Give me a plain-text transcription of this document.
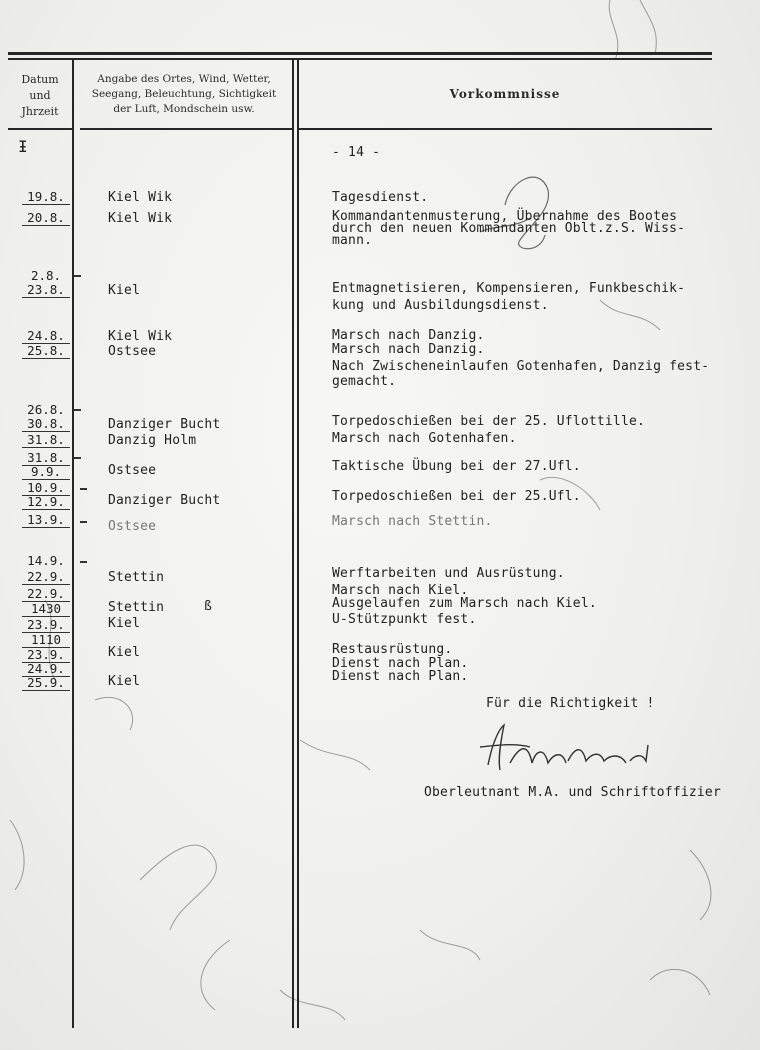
Datum
und
Jhrzeit
Angabe des Ortes, Wind, Wetter,
Seegang, Beleuchtung, Sichtigkeit
der Luft, Mondschein usw.
Vorkommnisse
- 14 -
Ɨ
19.8.
20.8.
2.8.
23.8.
24.8.
25.8.
26.8.
30.8.
31.8.
31.8.
9.9.
10.9.
12.9.
13.9.
14.9.
22.9.
22.9.
1430
23.9.
1110
23.9.
24.9.
25.9.
Kiel Wik
Kiel Wik
Kiel
Kiel Wik
Ostsee
Danziger Bucht
Danzig Holm
Ostsee
Danziger Bucht
Ostsee
Stettin
Stettin	ß
Kiel
Kiel
Kiel
Tagesdienst.
Kommandantenmusterung, Übernahme des Bootes
durch den neuen Kommandanten Oblt.z.S. Wiss-
mann.
Entmagnetisieren, Kompensieren, Funkbeschik-
kung und Ausbildungsdienst.
Marsch nach Danzig.
Marsch nach Danzig.
Nach Zwischeneinlaufen Gotenhafen, Danzig fest-
gemacht.
Torpedoschießen bei der 25. Uflottille.
Marsch nach Gotenhafen.
Taktische Übung bei der 27.Ufl.
Torpedoschießen bei der 25.Ufl.
Marsch nach Stettin.
Werftarbeiten und Ausrüstung.
Marsch nach Kiel.
Ausgelaufen zum Marsch nach Kiel.
U-Stützpunkt fest.
Restausrüstung.
Dienst nach Plan.
Dienst nach Plan.
Für die Richtigkeit !
Oberleutnant M.A. und Schriftoffizier
